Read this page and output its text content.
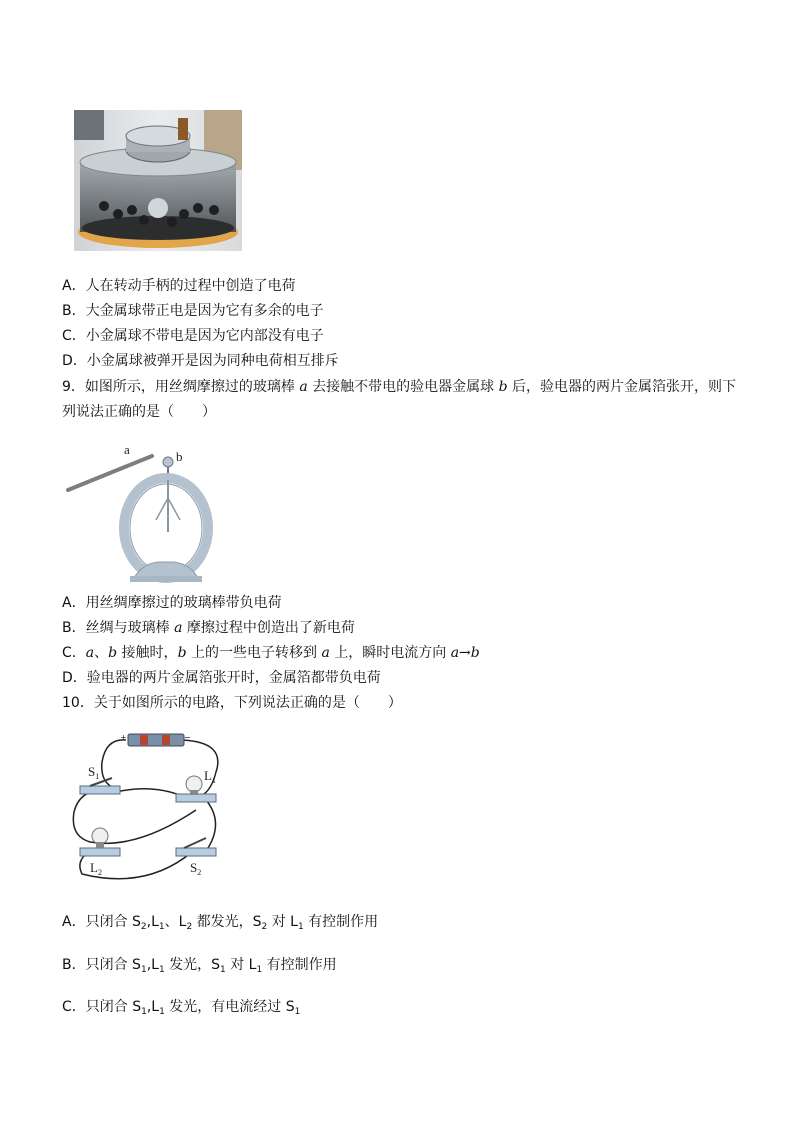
A．人在转动手柄的过程中创造了电荷
B．大金属球带正电是因为它有多余的电子
C．小金属球不带电是因为它内部没有电子
D．小金属球被弹开是因为同种电荷相互排斥
9．如图所示，用丝绸摩擦过的玻璃棒 a 去接触不带电的验电器金属球 b 后，验电器的两片金属箔张开，则下
列说法正确的是（　　）
a	b
A．用丝绸摩擦过的玻璃棒带负电荷
B．丝绸与玻璃棒 a 摩擦过程中创造出了新电荷
C．a、b 接触时，b 上的一些电子转移到 a 上，瞬时电流方向 a→b
D．验电器的两片金属箔张开时，金属箔都带负电荷
10．关于如图所示的电路，下列说法正确的是（　　）
+	−
$S_1$	$L_1$
$L_2$	$S_2$
A．只闭合 $S_2,L_1$、$L_2$ 都发光，$S_2$ 对 $L_1$ 有控制作用
B．只闭合 $S_1,L_1$ 发光，$S_1$ 对 $L_1$ 有控制作用
C．只闭合 $S_1,L_1$ 发光，有电流经过 $S_1$
